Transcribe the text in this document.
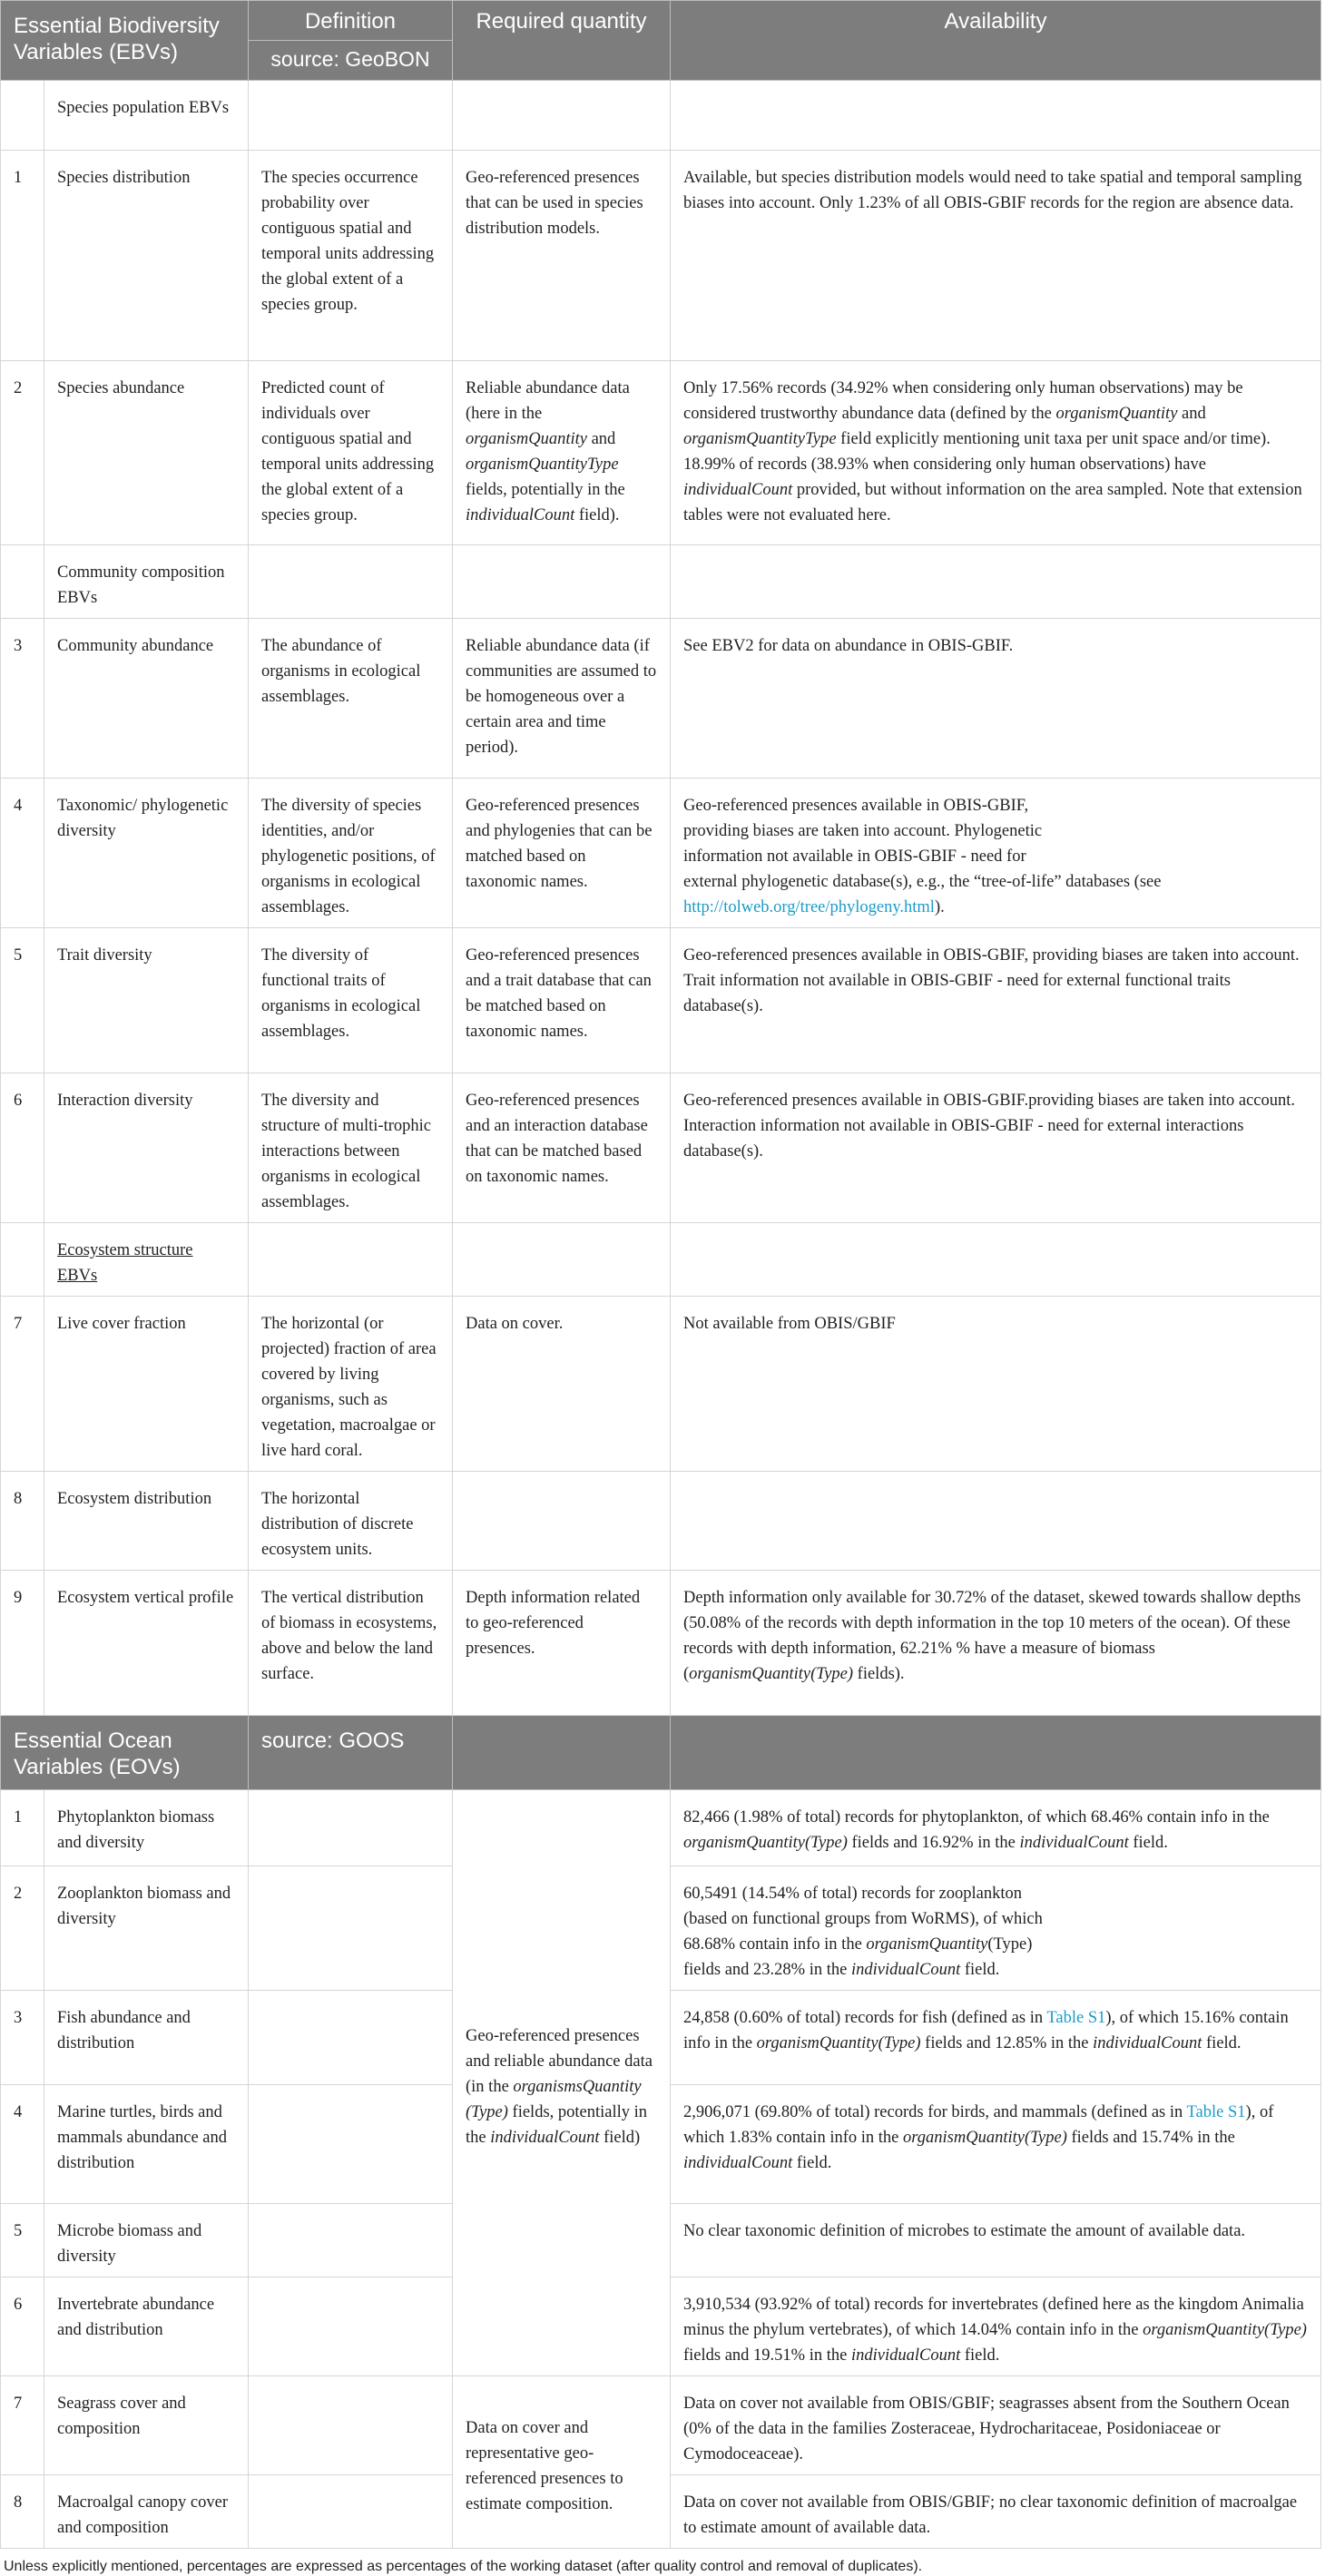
Essential Biodiversity Variables (EBVs)		Definition	Required quantity	Availability
		source: GeoBON		
	Species population EBVs			
1	Species distribution	The species occurrence probability over contiguous spatial and temporal units addressing the global extent of a species group.	Geo-referenced presences that can be used in species distribution models.	Available, but species distribution models would need to take spatial and temporal sampling biases into account. Only 1.23% of all OBIS-GBIF records for the region are absence data.
2	Species abundance	Predicted count of individuals over contiguous spatial and temporal units addressing the global extent of a species group.	Reliable abundance data (here in the organismQuantity and organismQuantityType fields, potentially in the individualCount field).	Only 17.56% records (34.92% when considering only human observations) may be considered trustworthy abundance data (defined by the organismQuantity and organismQuantityType field explicitly mentioning unit taxa per unit space and/or time). 18.99% of records (38.93% when considering only human observations) have individualCount provided, but without information on the area sampled. Note that extension tables were not evaluated here.
	Community composition EBVs			
3	Community abundance	The abundance of organisms in ecological assemblages.	Reliable abundance data (if communities are assumed to be homogeneous over a certain area and time period).	See EBV2 for data on abundance in OBIS-GBIF.
4	Taxonomic/ phylogenetic diversity	The diversity of species identities, and/or phylogenetic positions, of organisms in ecological assemblages.	Geo-referenced presences and phylogenies that can be matched based on taxonomic names.	Geo-referenced presences available in OBIS-GBIF,
providing biases are taken into account. Phylogenetic
information not available in OBIS-GBIF - need for
external phylogenetic database(s), e.g., the “tree-of-life” databases (see http://tolweb.org/tree/phylogeny.html).
5	Trait diversity	The diversity of functional traits of organisms in ecological assemblages.	Geo-referenced presences and a trait database that can be matched based on taxonomic names.	Geo-referenced presences available in OBIS-GBIF, providing biases are taken into account. Trait information not available in OBIS-GBIF - need for external functional traits database(s).
6	Interaction diversity	The diversity and structure of multi-trophic interactions between organisms in ecological assemblages.	Geo-referenced presences and an interaction database that can be matched based on taxonomic names.	Geo-referenced presences available in OBIS-GBIF.providing biases are taken into account. Interaction information not available in OBIS-GBIF - need for external interactions database(s).
	Ecosystem structure EBVs			
7	Live cover fraction	The horizontal (or projected) fraction of area covered by living organisms, such as vegetation, macroalgae or live hard coral.	Data on cover.	Not available from OBIS/GBIF
8	Ecosystem distribution	The horizontal distribution of discrete ecosystem units.		
9	Ecosystem vertical profile	The vertical distribution of biomass in ecosystems, above and below the land surface.	Depth information related to geo-referenced presences.	Depth information only available for 30.72% of the dataset, skewed towards shallow depths (50.08% of the records with depth information in the top 10 meters of the ocean). Of these records with depth information, 62.21% % have a measure of biomass (organismQuantity(Type) fields).
Essential Ocean Variables (EOVs)		source: GOOS		
1	Phytoplankton biomass and diversity		Geo-referenced presences and reliable abundance data (in the organismsQuantity (Type) fields, potentially in the individualCount field)	82,466 (1.98% of total) records for phytoplankton, of which 68.46% contain info in the organismQuantity(Type) fields and 16.92% in the individualCount field.
2	Zooplankton biomass and diversity			60,5491 (14.54% of total) records for zooplankton
(based on functional groups from WoRMS), of which
68.68% contain info in the organismQuantity(Type)
fields and 23.28% in the individualCount field.
3	Fish abundance and distribution			24,858 (0.60% of total) records for fish (defined as in Table S1), of which 15.16% contain info in the organismQuantity(Type) fields and 12.85% in the individualCount field.
4	Marine turtles, birds and mammals abundance and distribution			2,906,071 (69.80% of total) records for birds, and mammals (defined as in Table S1), of which 1.83% contain info in the organismQuantity(Type) fields and 15.74% in the individualCount field.
5	Microbe biomass and diversity			No clear taxonomic definition of microbes to estimate the amount of available data.
6	Invertebrate abundance and distribution			3,910,534 (93.92% of total) records for invertebrates (defined here as the kingdom Animalia minus the phylum vertebrates), of which 14.04% contain info in the organismQuantity(Type) fields and 19.51% in the individualCount field.
7	Seagrass cover and composition		Data on cover and representative geo-referenced presences to estimate composition.	Data on cover not available from OBIS/GBIF; seagrasses absent from the Southern Ocean (0% of the data in the families Zosteraceae, Hydrocharitaceae, Posidoniaceae or Cymodoceaceae).
8	Macroalgal canopy cover and composition			Data on cover not available from OBIS/GBIF; no clear taxonomic definition of macroalgae to estimate amount of available data.
Unless explicitly mentioned, percentages are expressed as percentages of the working dataset (after quality control and removal of duplicates).
